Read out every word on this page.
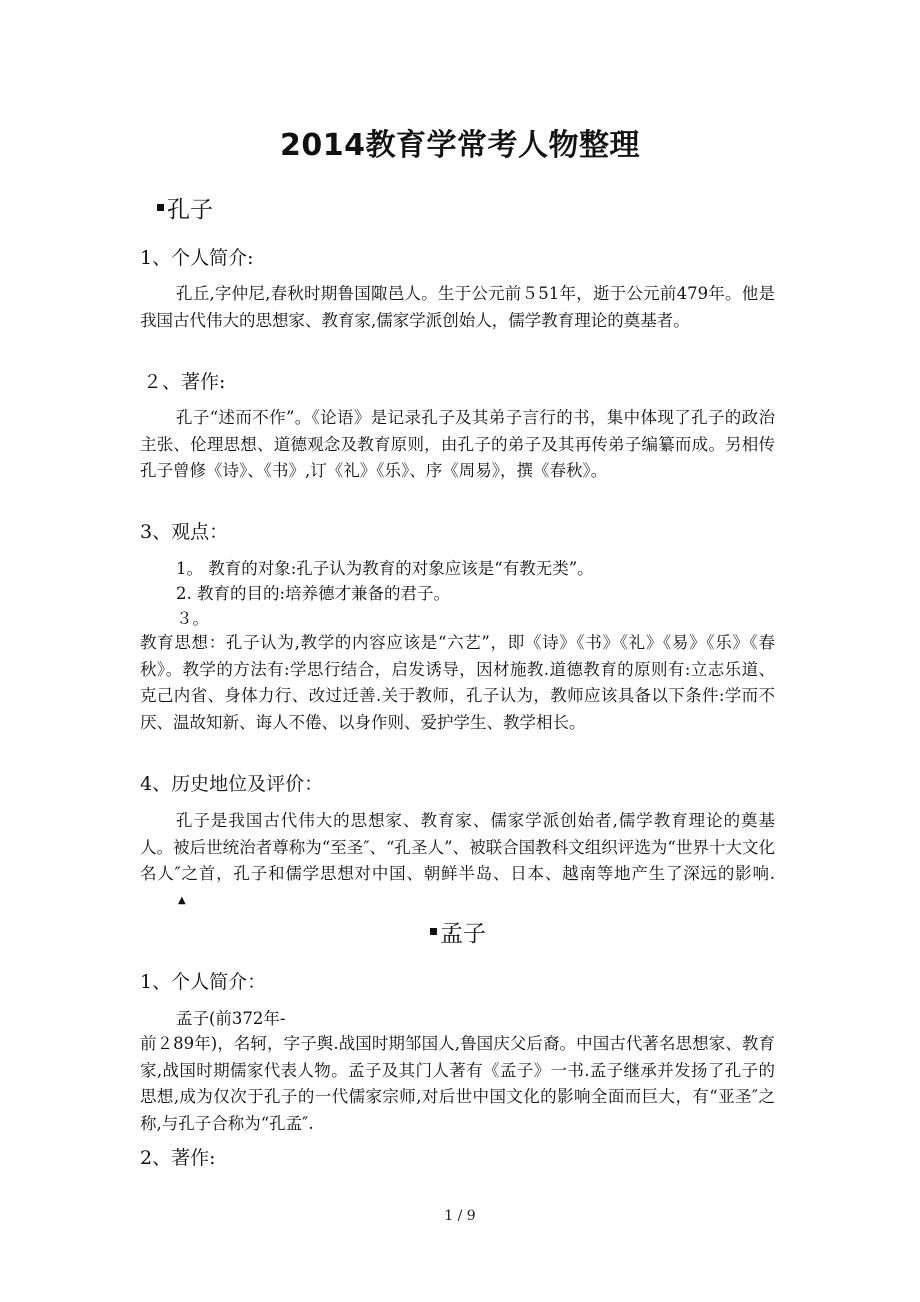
2014教育学常考人物整理
孔子
1、个人简介:

孔丘,字仲尼,春秋时期鲁国陬邑人。生于公元前５51年，逝于公元前479年。他是我国古代伟大的思想家、教育家,儒家学派创始人，儒学教育理论的奠基者。

２、著作:

孔子“述而不作”。《论语》是记录孔子及其弟子言行的书，集中体现了孔子的政治主张、伦理思想、道德观念及教育原则，由孔子的弟子及其再传弟子编纂而成。另相传孔子曾修《诗》、《书》,订《礼》《乐》、序《周易》，撰《春秋》。

3、观点：
1。 教育的对象:孔子认为教育的对象应该是“有教无类”。
2. 教育的目的:培养德才兼备的君子。
３。

教育思想：孔子认为,教学的内容应该是“六艺”，即《诗》《书》《礼》《易》《乐》《春秋》。教学的方法有:学思行结合，启发诱导，因材施教.道德教育的原则有:立志乐道、克己内省、身体力行、改过迁善.关于教师，孔子认为，教师应该具备以下条件:学而不厌、温故知新、诲人不倦、以身作则、爱护学生、教学相长。

4、历史地位及评价：

孔子是我国古代伟大的思想家、教育家、儒家学派创始者,儒学教育理论的奠基人。被后世统治者尊称为“至圣″、“孔圣人”、被联合国教科文组织评选为“世界十大文化名人″之首，孔子和儒学思想对中国、朝鲜半岛、日本、越南等地产生了深远的影响.▲

孟子
1、个人简介：
孟子(前372年-

前２89年)，名轲，字子舆.战国时期邹国人,鲁国庆父后裔。中国古代著名思想家、教育家,战国时期儒家代表人物。孟子及其门人著有《孟子》一书.孟子继承并发扬了孔子的思想,成为仅次于孔子的一代儒家宗师,对后世中国文化的影响全面而巨大，有“亚圣″之称,与孔子合称为“孔孟″.

2、著作:
1 / 9
